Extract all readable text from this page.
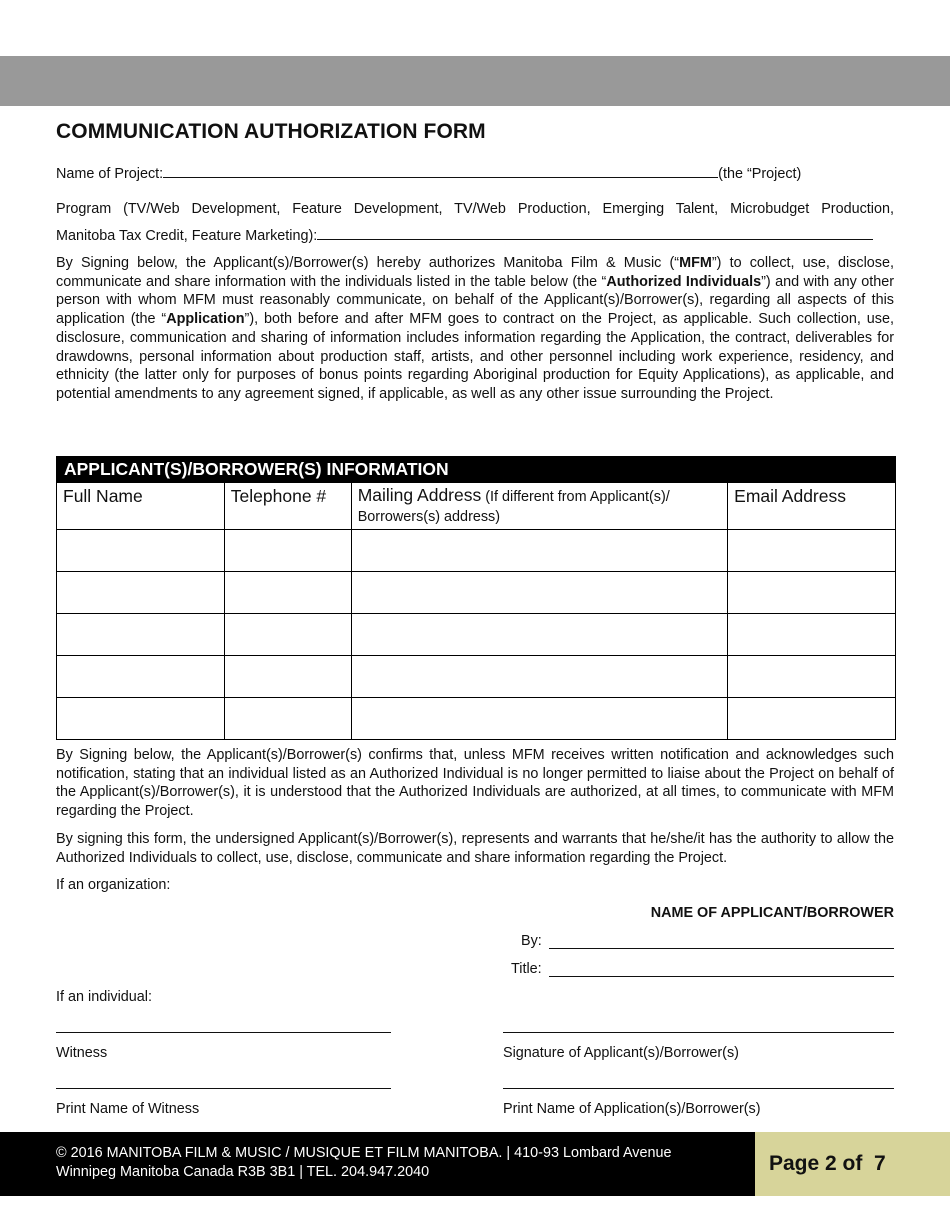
COMMUNICATION AUTHORIZATION FORM
Name of Project:	(the “Project)
Program (TV/Web Development, Feature Development, TV/Web Production, Emerging Talent, Microbudget Production,
Manitoba Tax Credit, Feature Marketing):
By Signing below, the Applicant(s)/Borrower(s) hereby authorizes Manitoba Film & Music (“MFM”) to collect, use, disclose, communicate and share information with the individuals listed in the table below (the “Authorized Individuals”) and with any other person with whom MFM must reasonably communicate, on behalf of the Applicant(s)/Borrower(s), regarding all aspects of this application (the “Application”), both before and after MFM goes to contract on the Project, as applicable. Such collection, use, disclosure, communication and sharing of information includes information regarding the Application, the contract, deliverables for drawdowns, personal information about production staff, artists, and other personnel including work experience, residency, and ethnicity (the latter only for purposes of bonus points regarding Aboriginal production for Equity Applications), as applicable, and potential amendments to any agreement signed, if applicable, as well as any other issue surrounding the Project.
APPLICANT(S)/BORROWER(S) INFORMATION			
Full Name	Telephone #	Mailing Address (If different from Applicant(s)/ Borrowers(s) address)	Email Address

By Signing below, the Applicant(s)/Borrower(s) confirms that, unless MFM receives written notification and acknowledges such notification, stating that an individual listed as an Authorized Individual is no longer permitted to liaise about the Project on behalf of the Applicant(s)/Borrower(s), it is understood that the Authorized Individuals are authorized, at all times, to communicate with MFM regarding the Project.
By signing this form, the undersigned Applicant(s)/Borrower(s), represents and warrants that he/she/it has the authority to allow the Authorized Individuals to collect, use, disclose, communicate and share information regarding the Project.
If an organization:
NAME OF APPLICANT/BORROWER
By:
Title:
If an individual:
Witness	Signature of Applicant(s)/Borrower(s)
Print Name of Witness	Print Name of Application(s)/Borrower(s)
© 2016 MANITOBA FILM & MUSIC / MUSIQUE ET FILM MANITOBA. | 410-93 Lombard Avenue
Winnipeg Manitoba Canada R3B 3B1 | TEL. 204.947.2040	Page 2 of  7
